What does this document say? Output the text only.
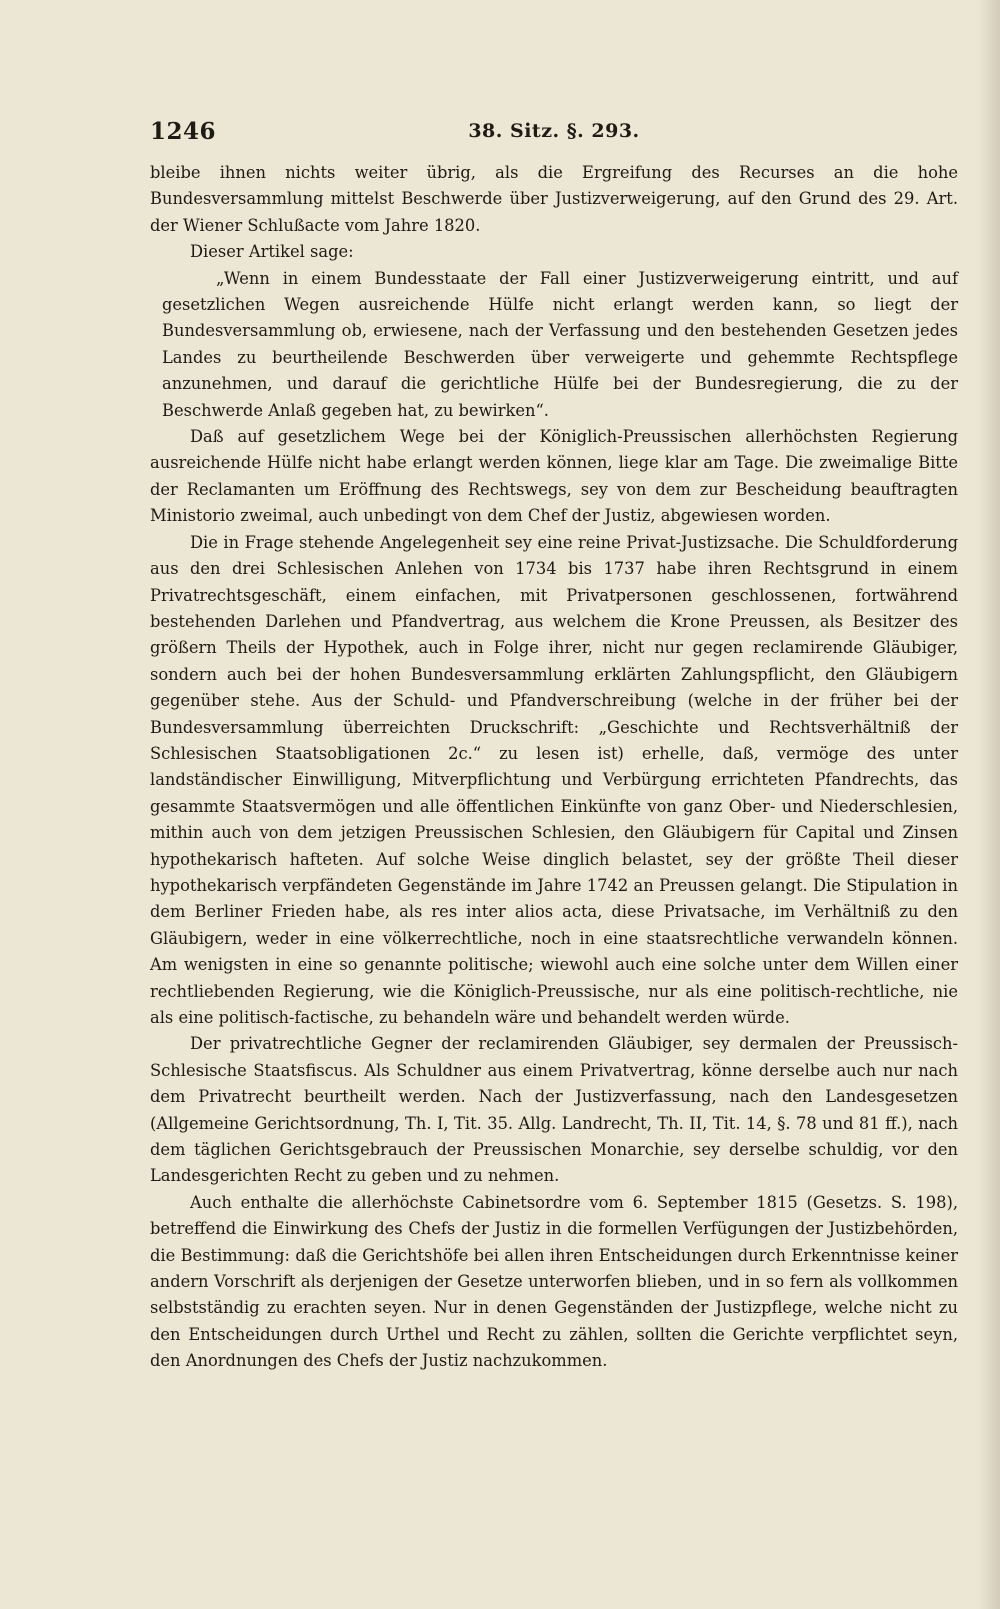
1246	38. Sitz. §. 293.

bleibe ihnen nichts weiter übrig, als die Ergreifung des Recurses an die hohe Bundesversammlung mittelst Beschwerde über Justizverweigerung, auf den Grund des 29. Art. der Wiener Schlußacte vom Jahre 1820.

Dieser Artikel sage:

„Wenn in einem Bundesstaate der Fall einer Justizverweigerung eintritt, und auf gesetzlichen Wegen ausreichende Hülfe nicht erlangt werden kann, so liegt der Bundesversammlung ob, erwiesene, nach der Verfassung und den bestehenden Gesetzen jedes Landes zu beurtheilende Beschwerden über verweigerte und gehemmte Rechtspflege anzunehmen, und darauf die gerichtliche Hülfe bei der Bundesregierung, die zu der Beschwerde Anlaß gegeben hat, zu bewirken“.

Daß auf gesetzlichem Wege bei der Königlich-Preussischen allerhöchsten Regierung ausreichende Hülfe nicht habe erlangt werden können, liege klar am Tage. Die zweimalige Bitte der Reclamanten um Eröffnung des Rechtswegs, sey von dem zur Bescheidung beauftragten Ministorio zweimal, auch unbedingt von dem Chef der Justiz, abgewiesen worden.

Die in Frage stehende Angelegenheit sey eine reine Privat-Justizsache. Die Schuldforderung aus den drei Schlesischen Anlehen von 1734 bis 1737 habe ihren Rechtsgrund in einem Privatrechtsgeschäft, einem einfachen, mit Privatpersonen geschlossenen, fortwährend bestehenden Darlehen und Pfandvertrag, aus welchem die Krone Preussen, als Besitzer des größern Theils der Hypothek, auch in Folge ihrer, nicht nur gegen reclamirende Gläubiger, sondern auch bei der hohen Bundesversammlung erklärten Zahlungspflicht, den Gläubigern gegenüber stehe. Aus der Schuld- und Pfandverschreibung (welche in der früher bei der Bundesversammlung überreichten Druckschrift: „Geschichte und Rechtsverhältniß der Schlesischen Staatsobligationen 2c.“ zu lesen ist) erhelle, daß, vermöge des unter landständischer Einwilligung, Mitverpflichtung und Verbürgung errichteten Pfandrechts, das gesammte Staatsvermögen und alle öffentlichen Einkünfte von ganz Ober- und Niederschlesien, mithin auch von dem jetzigen Preussischen Schlesien, den Gläubigern für Capital und Zinsen hypothekarisch hafteten. Auf solche Weise dinglich belastet, sey der größte Theil dieser hypothekarisch verpfändeten Gegenstände im Jahre 1742 an Preussen gelangt. Die Stipulation in dem Berliner Frieden habe, als res inter alios acta, diese Privatsache, im Verhältniß zu den Gläubigern, weder in eine völkerrechtliche, noch in eine staatsrechtliche verwandeln können. Am wenigsten in eine so genannte politische; wiewohl auch eine solche unter dem Willen einer rechtliebenden Regierung, wie die Königlich-Preussische, nur als eine politisch-rechtliche, nie als eine politisch-factische, zu behandeln wäre und behandelt werden würde.

Der privatrechtliche Gegner der reclamirenden Gläubiger, sey dermalen der Preussisch-Schlesische Staatsfiscus. Als Schuldner aus einem Privatvertrag, könne derselbe auch nur nach dem Privatrecht beurtheilt werden. Nach der Justizverfassung, nach den Landesgesetzen (Allgemeine Gerichtsordnung, Th. I, Tit. 35. Allg. Landrecht, Th. II, Tit. 14, §. 78 und 81 ff.), nach dem täglichen Gerichtsgebrauch der Preussischen Monarchie, sey derselbe schuldig, vor den Landesgerichten Recht zu geben und zu nehmen.

Auch enthalte die allerhöchste Cabinetsordre vom 6. September 1815 (Gesetzs. S. 198), betreffend die Einwirkung des Chefs der Justiz in die formellen Verfügungen der Justizbehörden, die Bestimmung: daß die Gerichtshöfe bei allen ihren Entscheidungen durch Erkenntnisse keiner andern Vorschrift als derjenigen der Gesetze unterworfen blieben, und in so fern als vollkommen selbstständig zu erachten seyen. Nur in denen Gegenständen der Justizpflege, welche nicht zu den Entscheidungen durch Urthel und Recht zu zählen, sollten die Gerichte verpflichtet seyn, den Anordnungen des Chefs der Justiz nachzukommen.
